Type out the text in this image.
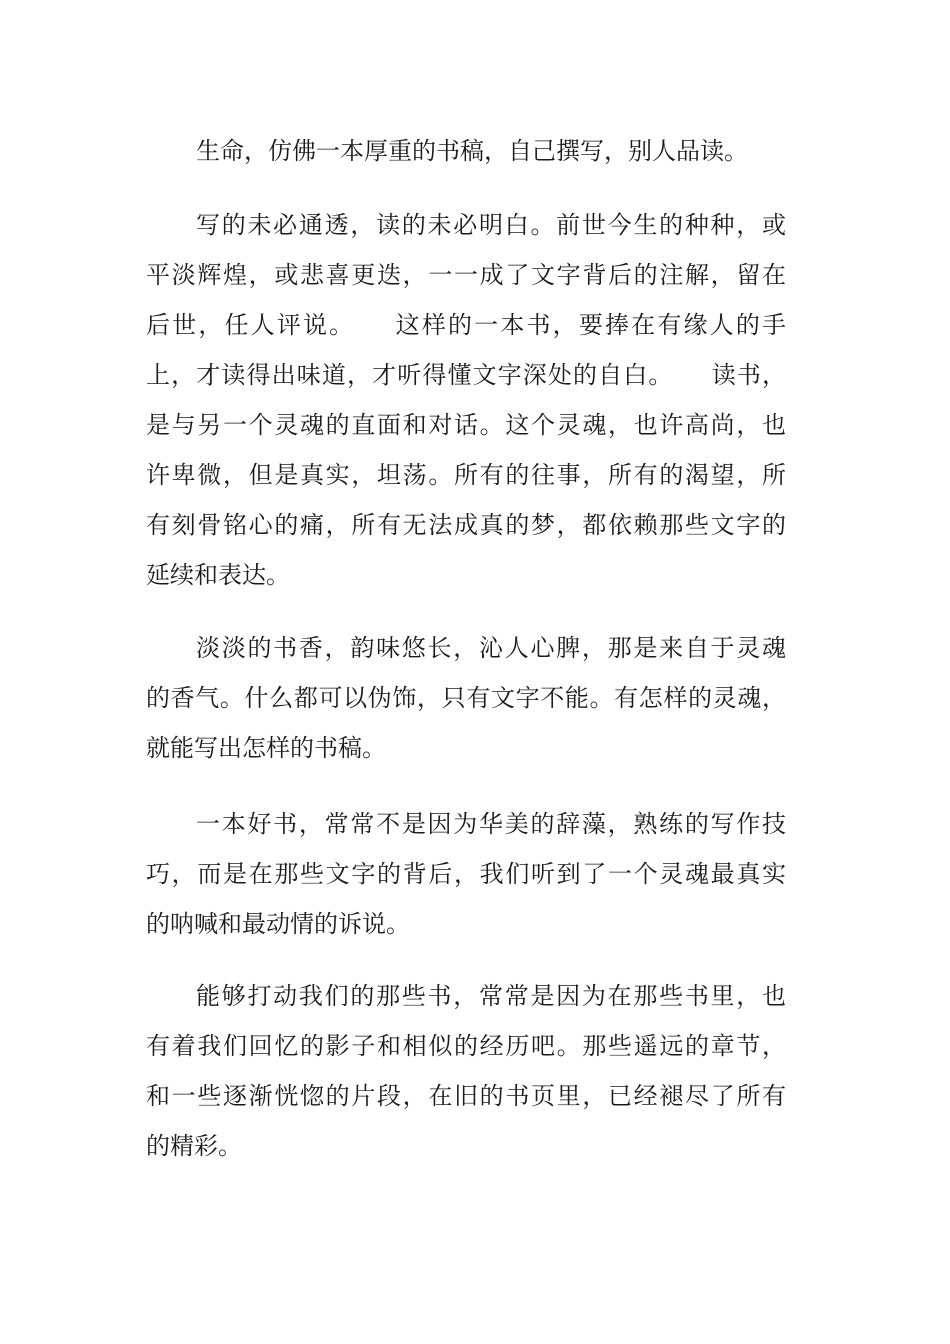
生命，仿佛一本厚重的书稿，自己撰写，别人品读。
写的未必通透，读的未必明白。前世今生的种种，或
平淡辉煌，或悲喜更迭，一一成了文字背后的注解，留在
后世，任人评说。　　这样的一本书，要捧在有缘人的手
上，才读得出味道，才听得懂文字深处的自白。　　读书，
是与另一个灵魂的直面和对话。这个灵魂，也许高尚，也
许卑微，但是真实，坦荡。所有的往事，所有的渴望，所
有刻骨铭心的痛，所有无法成真的梦，都依赖那些文字的
延续和表达。
淡淡的书香，韵味悠长，沁人心脾，那是来自于灵魂
的香气。什么都可以伪饰，只有文字不能。有怎样的灵魂，
就能写出怎样的书稿。
一本好书，常常不是因为华美的辞藻，熟练的写作技
巧，而是在那些文字的背后，我们听到了一个灵魂最真实
的呐喊和最动情的诉说。
能够打动我们的那些书，常常是因为在那些书里，也
有着我们回忆的影子和相似的经历吧。那些遥远的章节，
和一些逐渐恍惚的片段，在旧的书页里，已经褪尽了所有
的精彩。
